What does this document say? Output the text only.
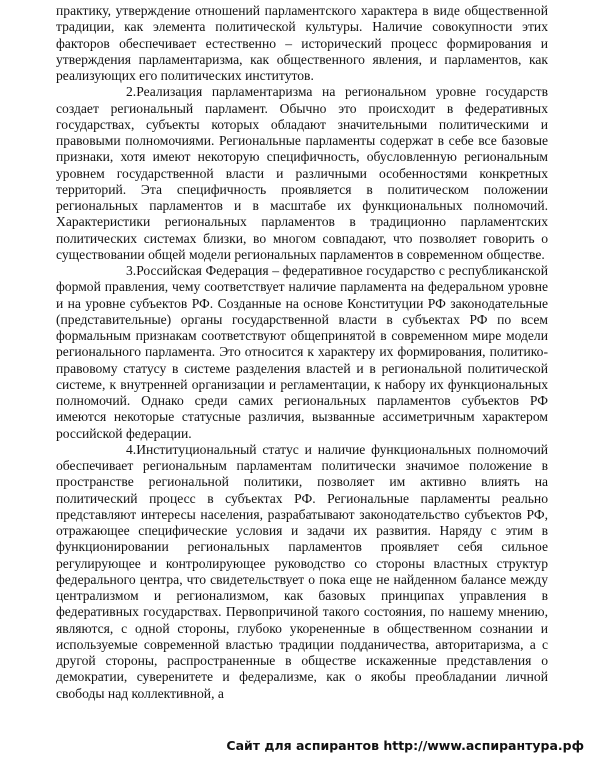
практику, утверждение отношений парламентского характера в виде общественной традиции, как элемента политической культуры. Наличие совокупности этих факторов обеспечивает естественно – исторический процесс формирования и утверждения парламентаризма, как общественного явления, и парламентов, как реализующих его политических институтов.

2.Реализация парламентаризма на региональном уровне государств создает региональный парламент. Обычно это происходит в федеративных государствах, субъекты которых обладают значительными политическими и правовыми полномочиями. Региональные парламенты содержат в себе все базовые признаки, хотя имеют некоторую специфичность, обусловленную региональным уровнем государственной власти и различными особенностями конкретных территорий. Эта специфичность проявляется в политическом положении региональных парламентов и в масштабе их функциональных полномочий. Характеристики региональных парламентов в традиционно парламентских политических системах близки, во многом совпадают, что позволяет говорить о существовании общей модели региональных парламентов в современном обществе.

3.Российская Федерация – федеративное государство с республиканской формой правления, чему соответствует наличие парламента на федеральном уровне и на уровне субъектов РФ. Созданные на основе Конституции РФ законодательные (представительные) органы государственной власти в субъектах РФ по всем формальным признакам соответствуют общепринятой в современном мире модели регионального парламента. Это относится к характеру их формирования, политико-правовому статусу в системе разделения властей и в региональной политической системе, к внутренней организации и регламентации, к набору их функциональных полномочий. Однако среди самих региональных парламентов субъектов РФ имеются некоторые статусные различия, вызванные ассиметричным характером российской федерации.

4.Институциональный статус и наличие функциональных полномочий обеспечивает региональным парламентам политически значимое положение в пространстве региональной политики, позволяет им активно влиять на политический процесс в субъектах РФ. Региональные парламенты реально представляют интересы населения, разрабатывают законодательство субъектов РФ, отражающее специфические условия и задачи их развития. Наряду с этим в функционировании региональных парламентов проявляет себя сильное регулирующее и контролирующее руководство со стороны властных структур федерального центра, что свидетельствует о пока еще не найденном балансе между централизмом и регионализмом, как базовых принципах управления в федеративных государствах. Первопричиной такого состояния, по нашему мнению, являются, с одной стороны, глубоко укорененные в общественном сознании и используемые современной властью традиции подданичества, авторитаризма, а с другой стороны, распространенные в обществе искаженные представления о демократии, суверенитете и федерализме, как о якобы преобладании личной свободы над коллективной, а

Сайт для аспирантов http://www.аспирантура.рф
